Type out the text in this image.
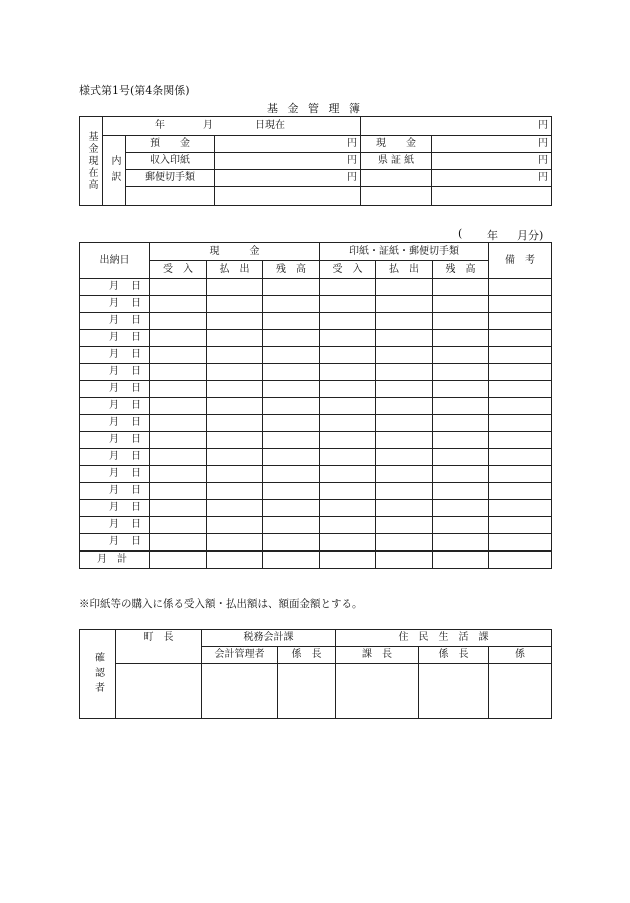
様式第1号(第4条関係)
基 金 管 理 簿
基金現在高	年 月 日現在			円	

	内訳	預　　金	円	現　　金	円
		収入印紙	円	県 証 紙	円
		郵便切手類	円		円

( 年 月分)
出納日	現　　　金			印紙・証紙・郵便切手類			備　考
	受　入	払　出	残　高	受　入	払　出	残　高	
月 日							
月 日							
月 日							
月 日							
月 日							
月 日							
月 日							
月 日							
月 日							
月 日							
月 日							
月 日							
月 日							
月 日							
月 日							
月 日							
月　計							
※印紙等の購入に係る受入額・払出額は、額面金額とする。
確認者	町　長	税務会計課		住　民　生　活　課		
		会計管理者	係　長	課　長	係　長	係
